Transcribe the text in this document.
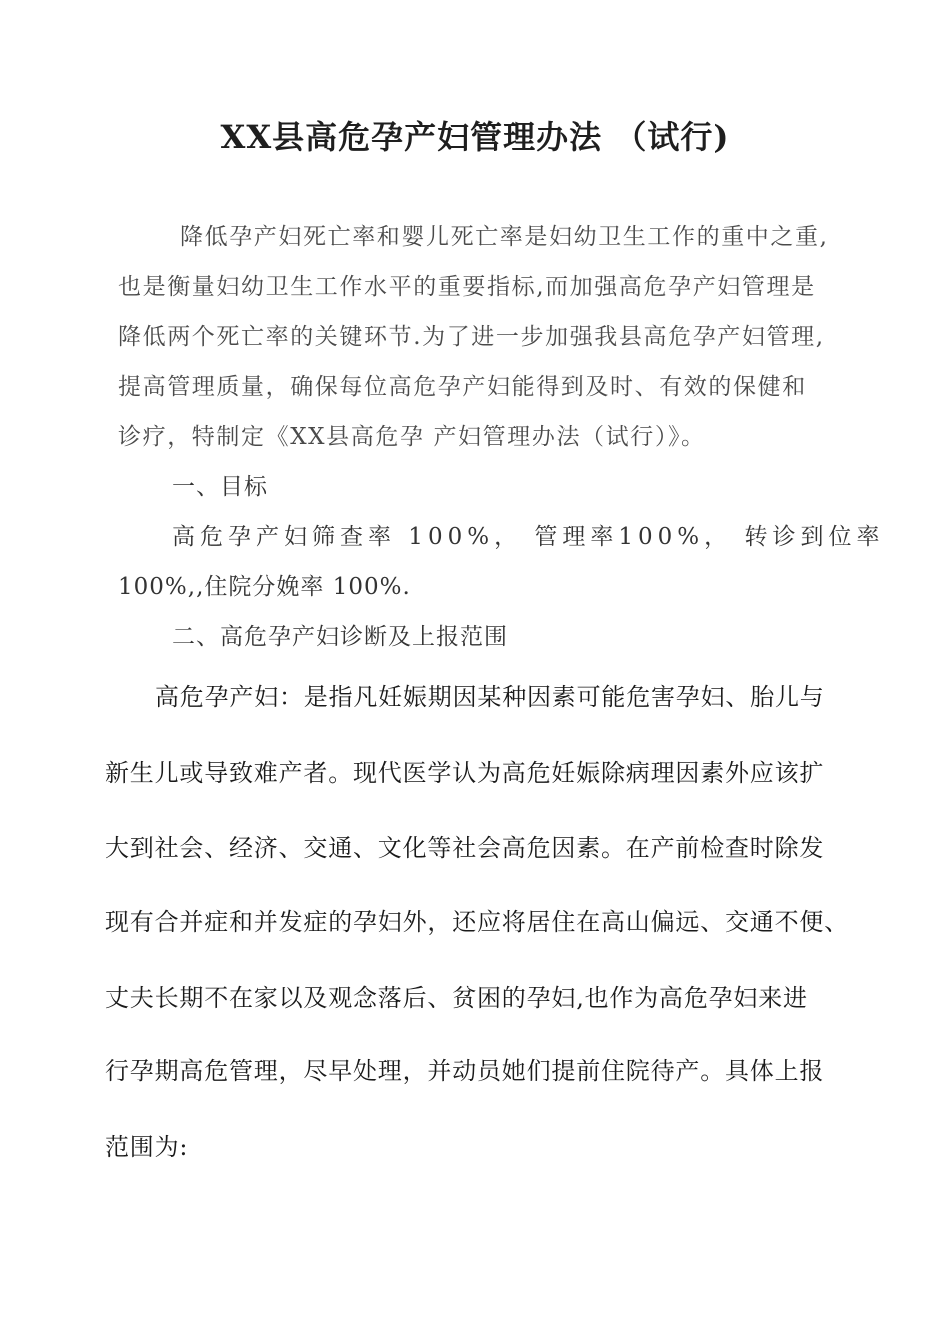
XX县高危孕产妇管理办法 （试行)
降低孕产妇死亡率和婴儿死亡率是妇幼卫生工作的重中之重,
也是衡量妇幼卫生工作水平的重要指标,而加强高危孕产妇管理是
降低两个死亡率的关键环节.为了进一步加强我县高危孕产妇管理,
提高管理质量，确保每位高危孕产妇能得到及时、有效的保健和
诊疗，特制定《XX县高危孕 产妇管理办法（试行）》。
一、目标
高危孕产妇筛查率 100%， 管理率100%， 转诊到位率
100%,,住院分娩率 100%.
二、高危孕产妇诊断及上报范围
高危孕产妇：是指凡妊娠期因某种因素可能危害孕妇、胎儿与
新生儿或导致难产者。现代医学认为高危妊娠除病理因素外应该扩
大到社会、经济、交通、文化等社会高危因素。在产前检查时除发
现有合并症和并发症的孕妇外，还应将居住在高山偏远、交通不便、
丈夫长期不在家以及观念落后、贫困的孕妇,也作为高危孕妇来进
行孕期高危管理，尽早处理，并动员她们提前住院待产。具体上报
范围为:
